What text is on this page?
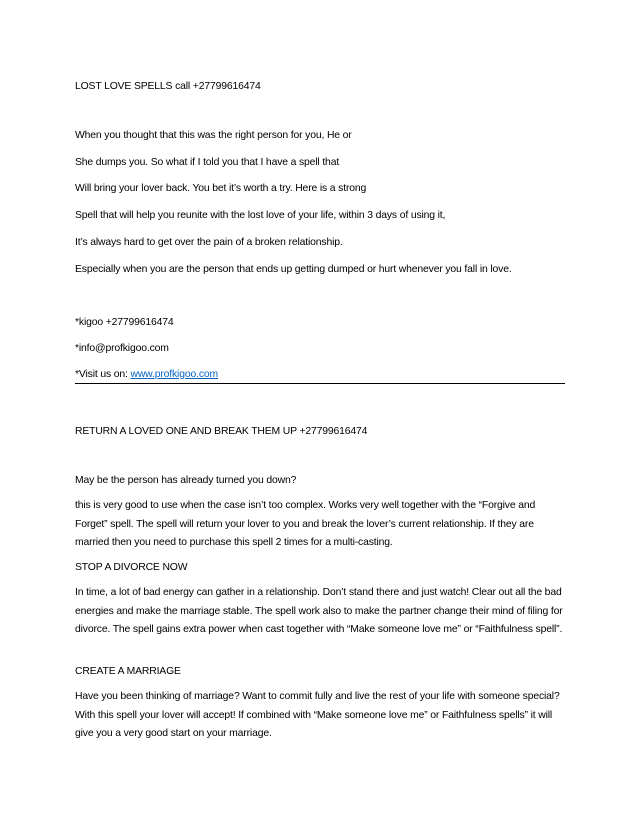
LOST LOVE SPELLS call +27799616474
When you thought that this was the right person for you, He or
She dumps you. So what if I told you that I have a spell that
Will bring your lover back. You bet it’s worth a try. Here is a strong
Spell that will help you reunite with the lost love of your life, within 3 days of using it,
It’s always hard to get over the pain of a broken relationship.
Especially when you are the person that ends up getting dumped or hurt whenever you fall in love.
*kigoo +27799616474
*info@profkigoo.com
*Visit us on: www.profkigoo.com
RETURN A LOVED ONE AND BREAK THEM UP +27799616474
May be the person has already turned you down?
this is very good to use when the case isn’t too complex. Works very well together with the “Forgive and Forget” spell. The spell will return your lover to you and break the lover’s current relationship. If they are married then you need to purchase this spell 2 times for a multi-casting.
STOP A DIVORCE NOW
In time, a lot of bad energy can gather in a relationship. Don’t stand there and just watch! Clear out all the bad energies and make the marriage stable. The spell work also to make the partner change their mind of filing for divorce. The spell gains extra power when cast together with “Make someone love me” or “Faithfulness spell”.
CREATE A MARRIAGE
Have you been thinking of marriage? Want to commit fully and live the rest of your life with someone special? With this spell your lover will accept! If combined with “Make someone love me” or Faithfulness spells” it will give you a very good start on your marriage.
